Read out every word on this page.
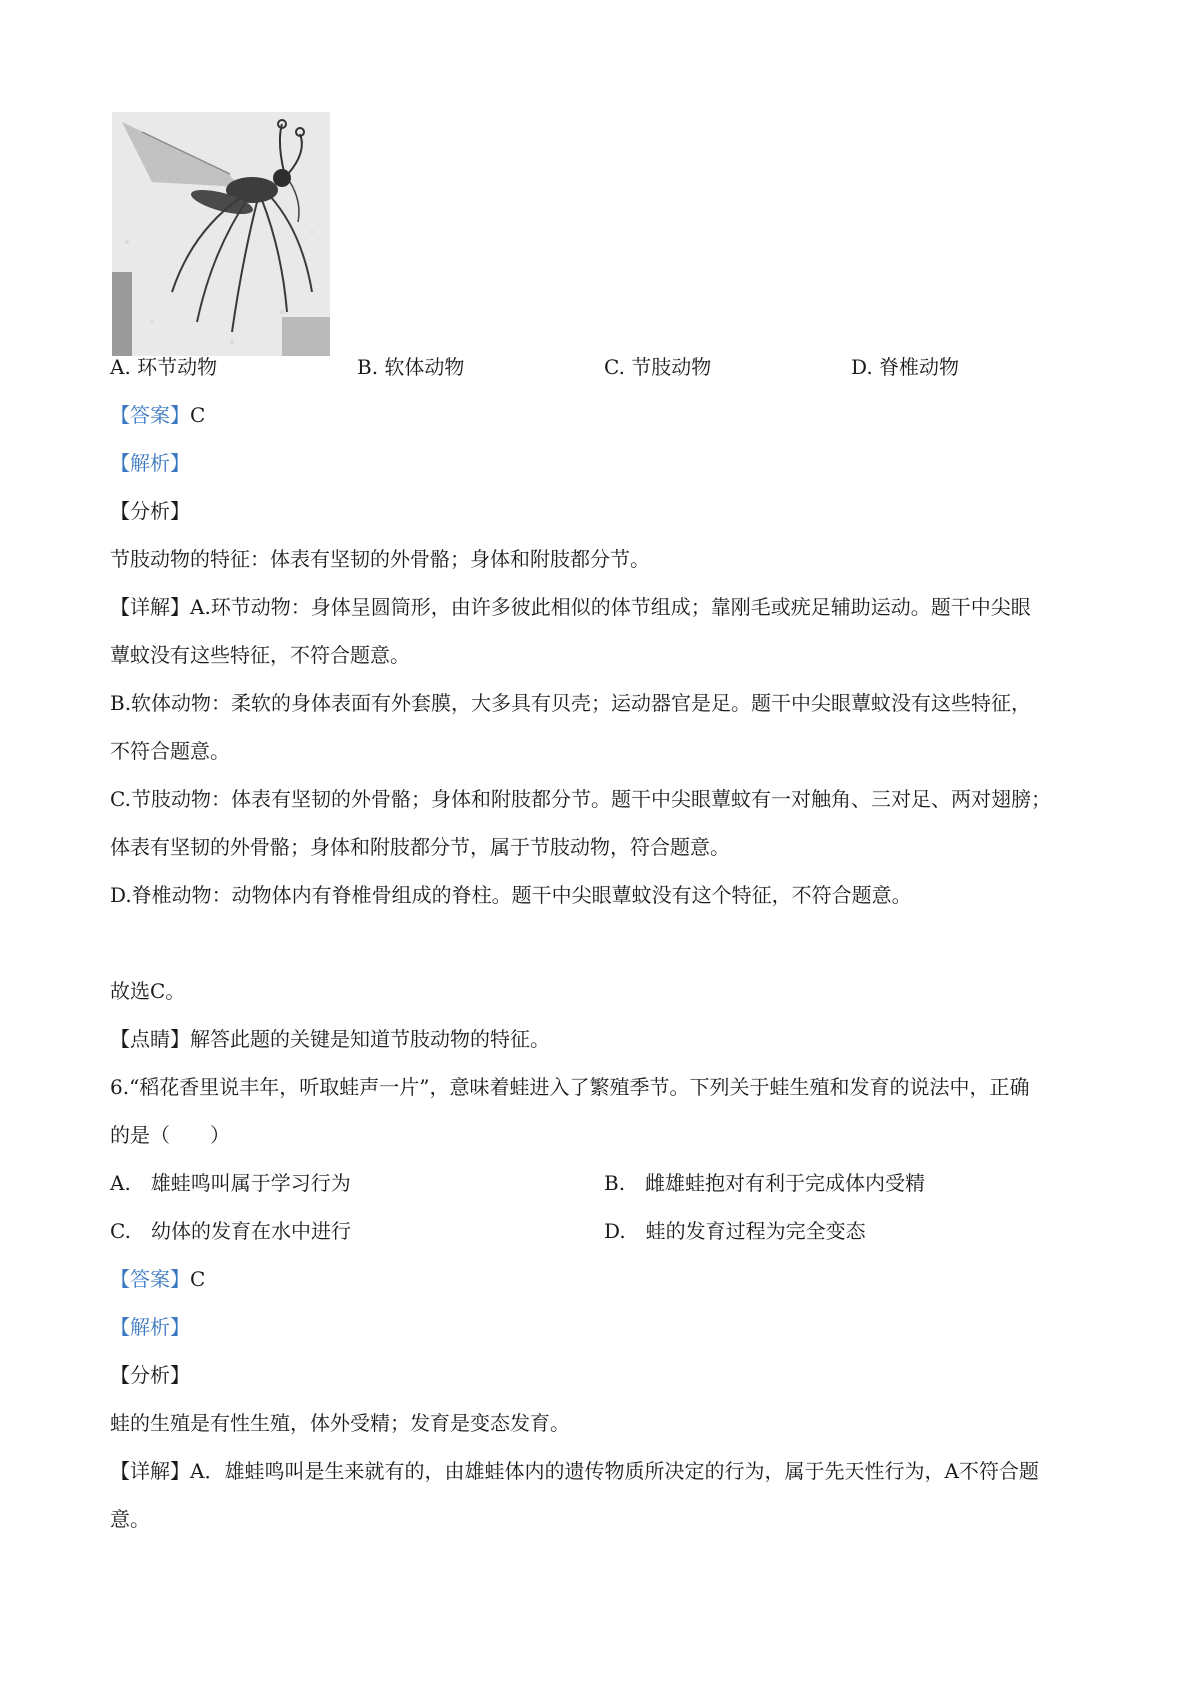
A. 环节动物	B. 软体动物	C. 节肢动物	D. 脊椎动物
【答案】C
【解析】
【分析】
节肢动物的特征：体表有坚韧的外骨骼；身体和附肢都分节。
【详解】A.环节动物：身体呈圆筒形，由许多彼此相似的体节组成；靠刚毛或疣足辅助运动。题干中尖眼
蕈蚊没有这些特征，不符合题意。
B.软体动物：柔软的身体表面有外套膜，大多具有贝壳；运动器官是足。题干中尖眼蕈蚊没有这些特征，
不符合题意。
C.节肢动物：体表有坚韧的外骨骼；身体和附肢都分节。题干中尖眼蕈蚊有一对触角、三对足、两对翅膀；
体表有坚韧的外骨骼；身体和附肢都分节，属于节肢动物，符合题意。
D.脊椎动物：动物体内有脊椎骨组成的脊柱。题干中尖眼蕈蚊没有这个特征，不符合题意。
故选C。
【点睛】解答此题的关键是知道节肢动物的特征。
6.“稻花香里说丰年，听取蛙声一片”，意味着蛙进入了繁殖季节。下列关于蛙生殖和发育的说法中，正确
的是（　　）
A.　雄蛙鸣叫属于学习行为	B.　雌雄蛙抱对有利于完成体内受精
C.　幼体的发育在水中进行	D.　蛙的发育过程为完全变态
【答案】C
【解析】
【分析】
蛙的生殖是有性生殖，体外受精；发育是变态发育。
【详解】A．雄蛙鸣叫是生来就有的，由雄蛙体内的遗传物质所决定的行为，属于先天性行为，A不符合题
意。
